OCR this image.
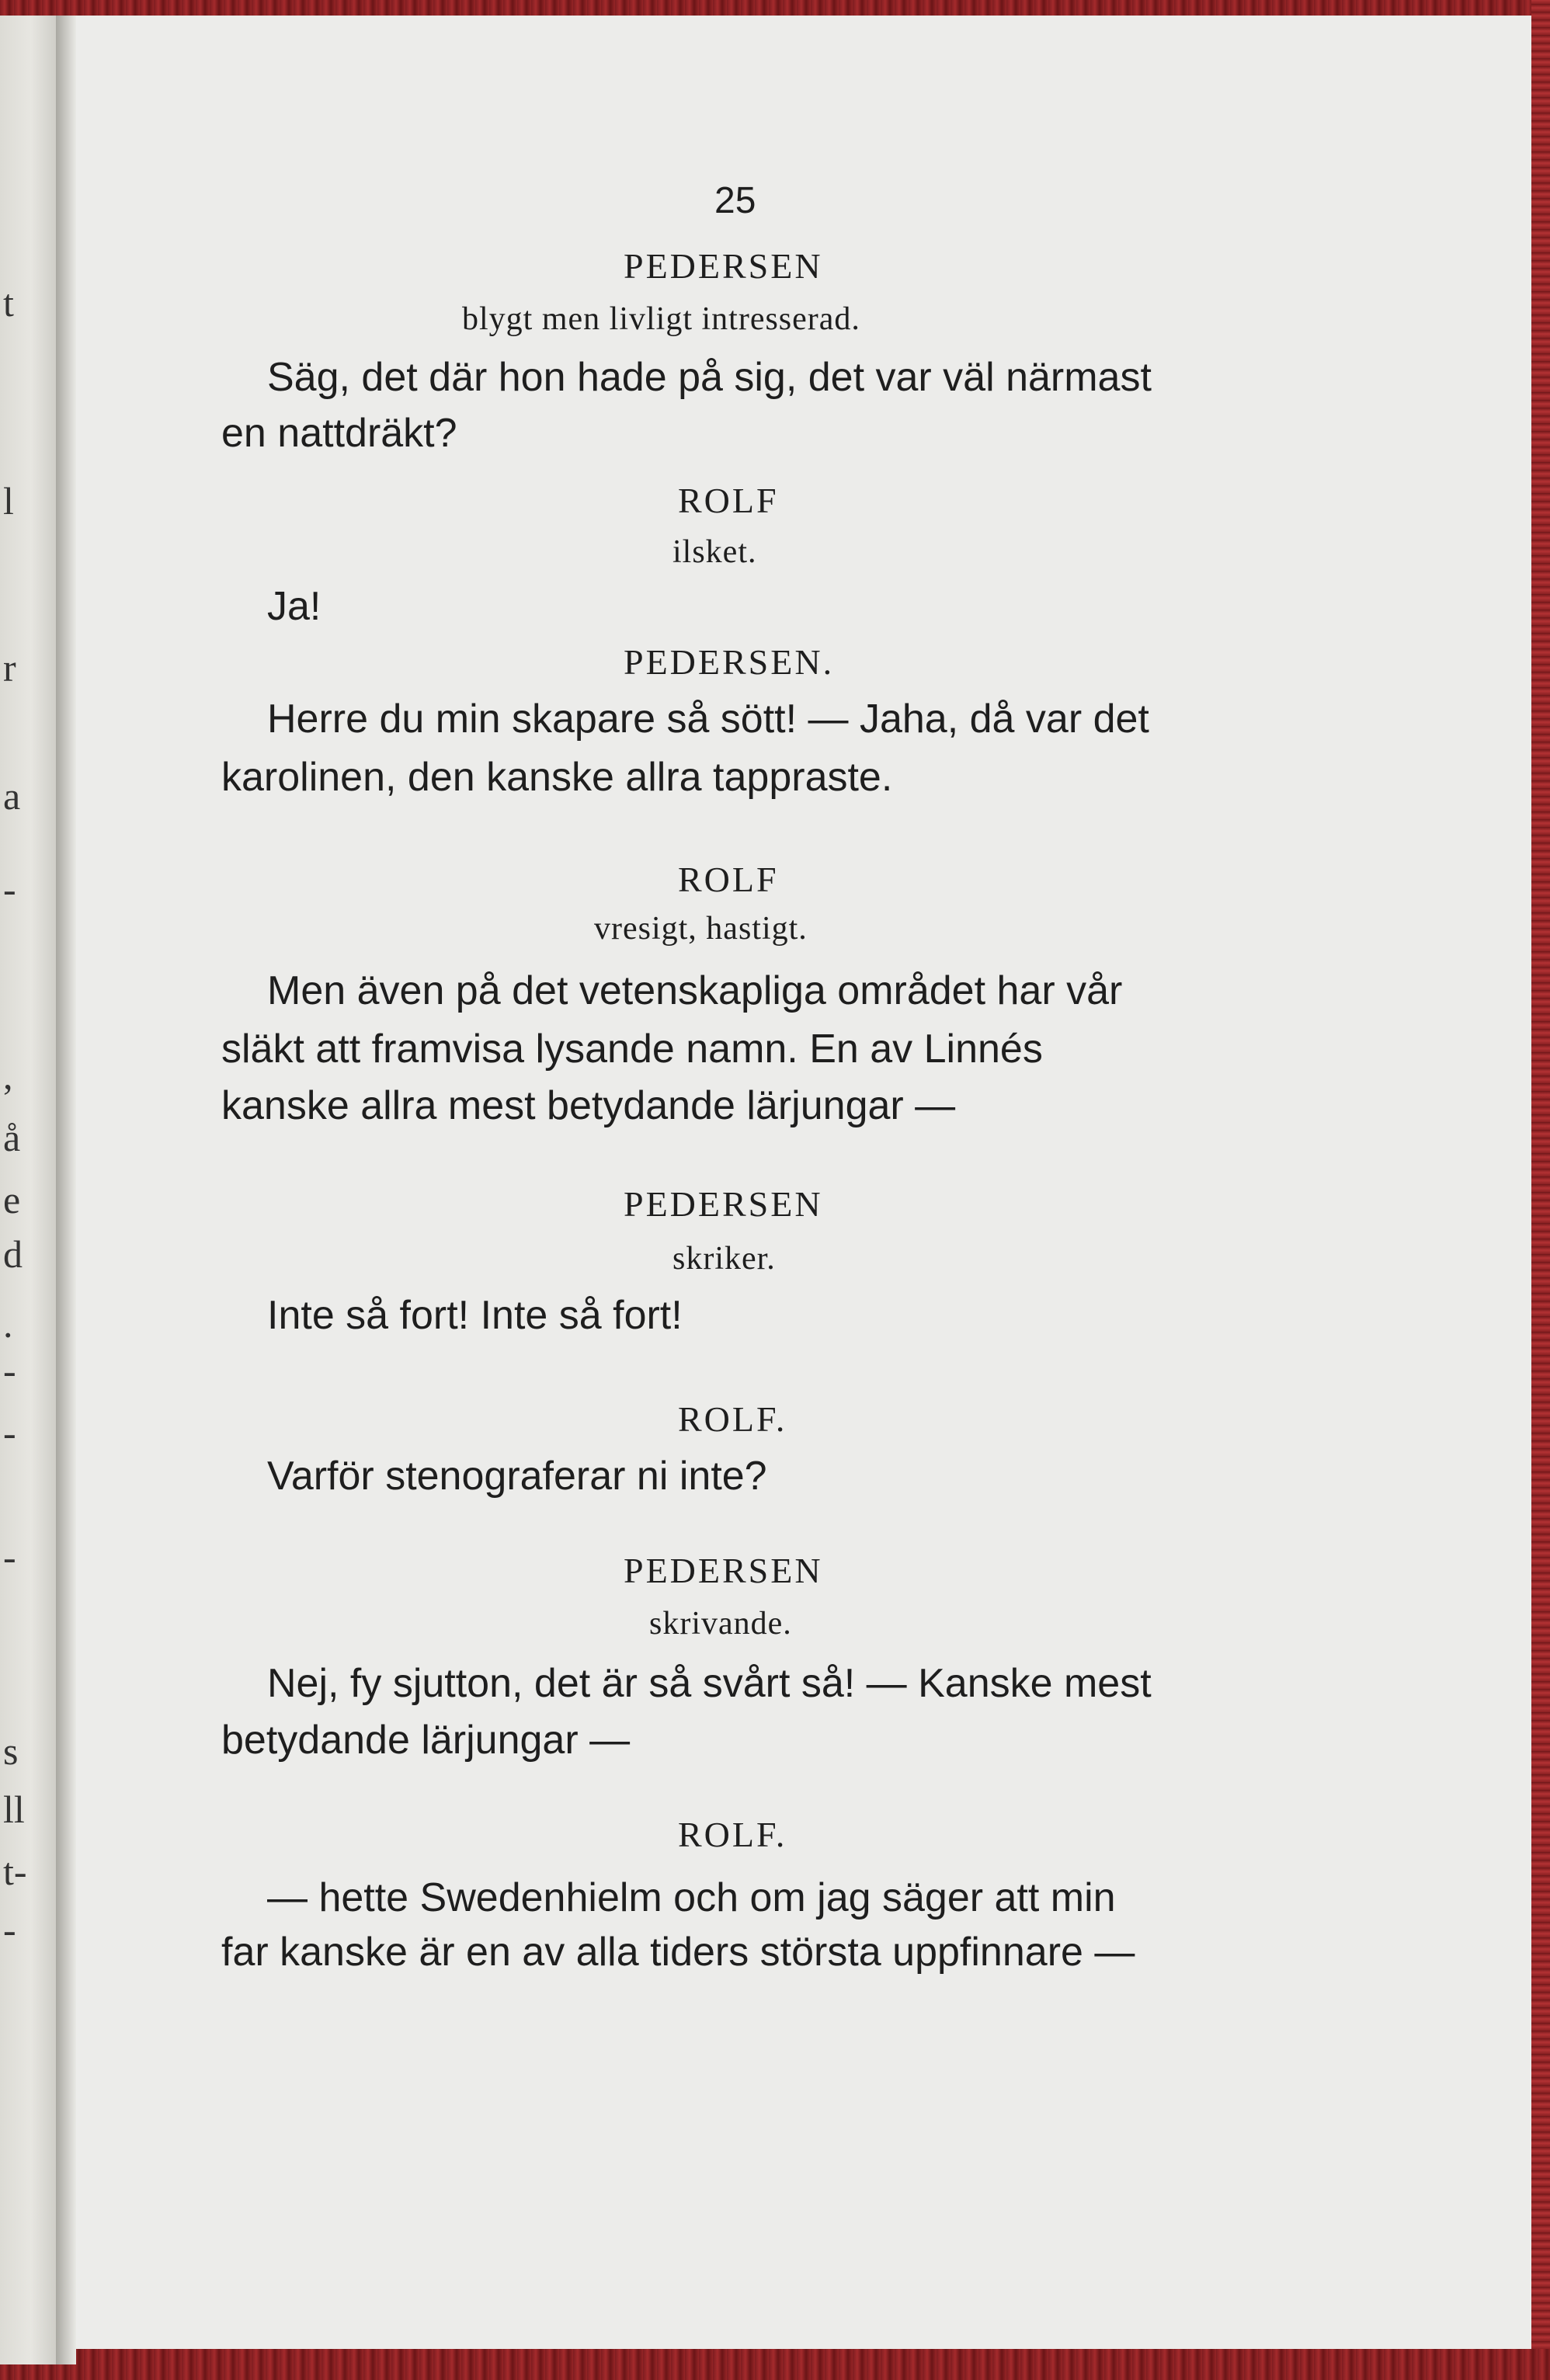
t
l
r
a
-
,
å
e
d
.
-
-
-
s
ll
t-
-
25
PEDERSEN
blygt men livligt intresserad.
Säg, det där hon hade på sig, det var väl närmast
en nattdräkt?
ROLF
ilsket.
Ja!
PEDERSEN.
Herre du min skapare så sött! — Jaha, då var det
karolinen, den kanske allra tappraste.
ROLF
vresigt, hastigt.
Men även på det vetenskapliga området har vår
släkt att framvisa lysande namn. En av Linnés
kanske allra mest betydande lärjungar —
PEDERSEN
skriker.
Inte så fort! Inte så fort!
ROLF.
Varför stenograferar ni inte?
PEDERSEN
skrivande.
Nej, fy sjutton, det är så svårt så! — Kanske mest
betydande lärjungar —
ROLF.
— hette Swedenhielm och om jag säger att min
far kanske är en av alla tiders största uppfinnare —
